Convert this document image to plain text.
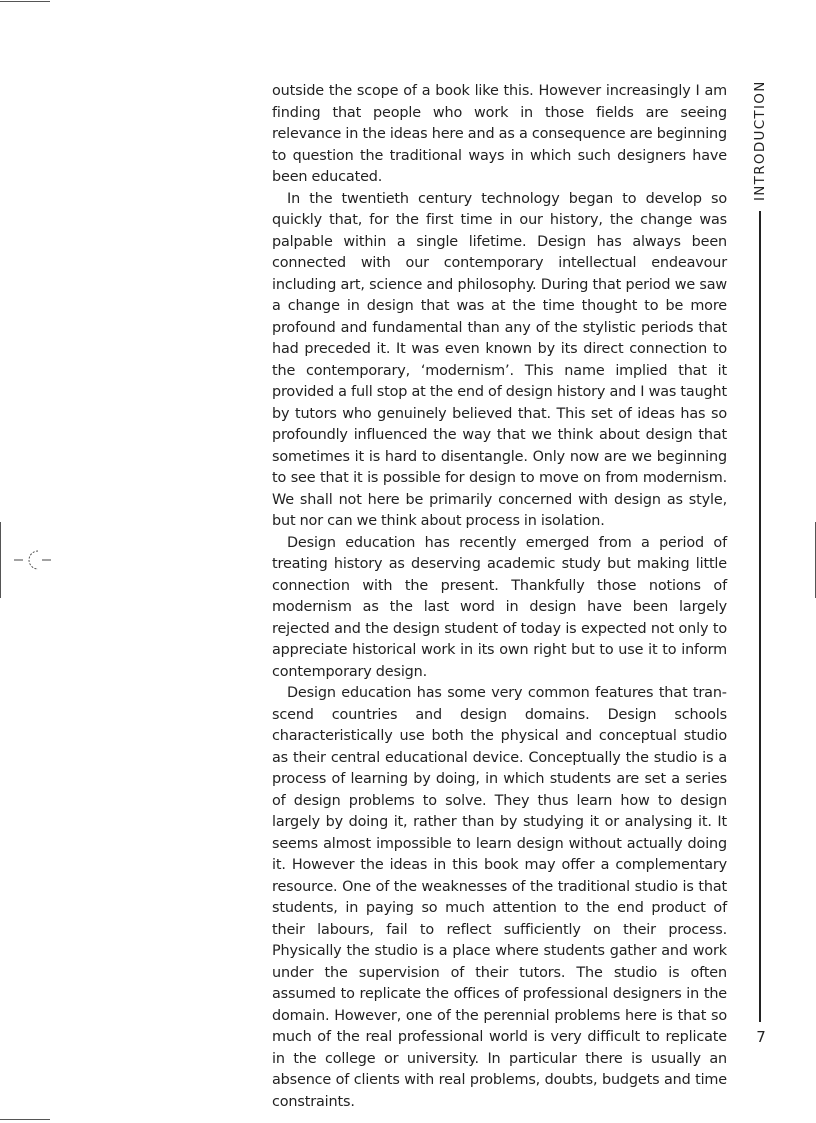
outside the scope of a book like this. However increasingly I am finding that people who work in those fields are seeing relevance in the ideas here and as a consequence are beginning to question the traditional ways in which such designers have been educated.

In the twentieth century technology began to develop so quickly that, for the first time in our history, the change was palpable within a single lifetime. Design has always been connected with our contemporary intellectual endeavour including art, science and philosophy. During that period we saw a change in design that was at the time thought to be more profound and fundamental than any of the stylistic periods that had preceded it. It was even known by its direct connection to the contemporary, ‘modernism’. This name implied that it provided a full stop at the end of design history and I was taught by tutors who genuinely believed that. This set of ideas has so profoundly influenced the way that we think about design that sometimes it is hard to disentangle. Only now are we beginning to see that it is possible for design to move on from modernism. We shall not here be primarily concerned with design as style, but nor can we think about process in isolation.

Design education has recently emerged from a period of treating history as deserving academic study but making little connection with the present. Thankfully those notions of modernism as the last word in design have been largely rejected and the design student of today is expected not only to appreciate historical work in its own right but to use it to inform contemporary design.

Design education has some very common features that transcend countries and design domains. Design schools characteristically use both the physical and conceptual studio as their central educational device. Conceptually the studio is a process of learning by doing, in which students are set a series of design problems to solve. They thus learn how to design largely by doing it, rather than by studying it or analysing it. It seems almost impossible to learn design without actually doing it. However the ideas in this book may offer a complementary resource. One of the weaknesses of the traditional studio is that students, in paying so much attention to the end product of their labours, fail to reflect sufficiently on their process. Physically the studio is a place where students gather and work under the supervision of their tutors. The studio is often assumed to replicate the offices of professional designers in the domain. However, one of the perennial problems here is that so much of the real professional world is very difficult to replicate in the college or university. In particular there is usually an absence of clients with real problems, doubts, budgets and time constraints.

INTRODUCTION
7
